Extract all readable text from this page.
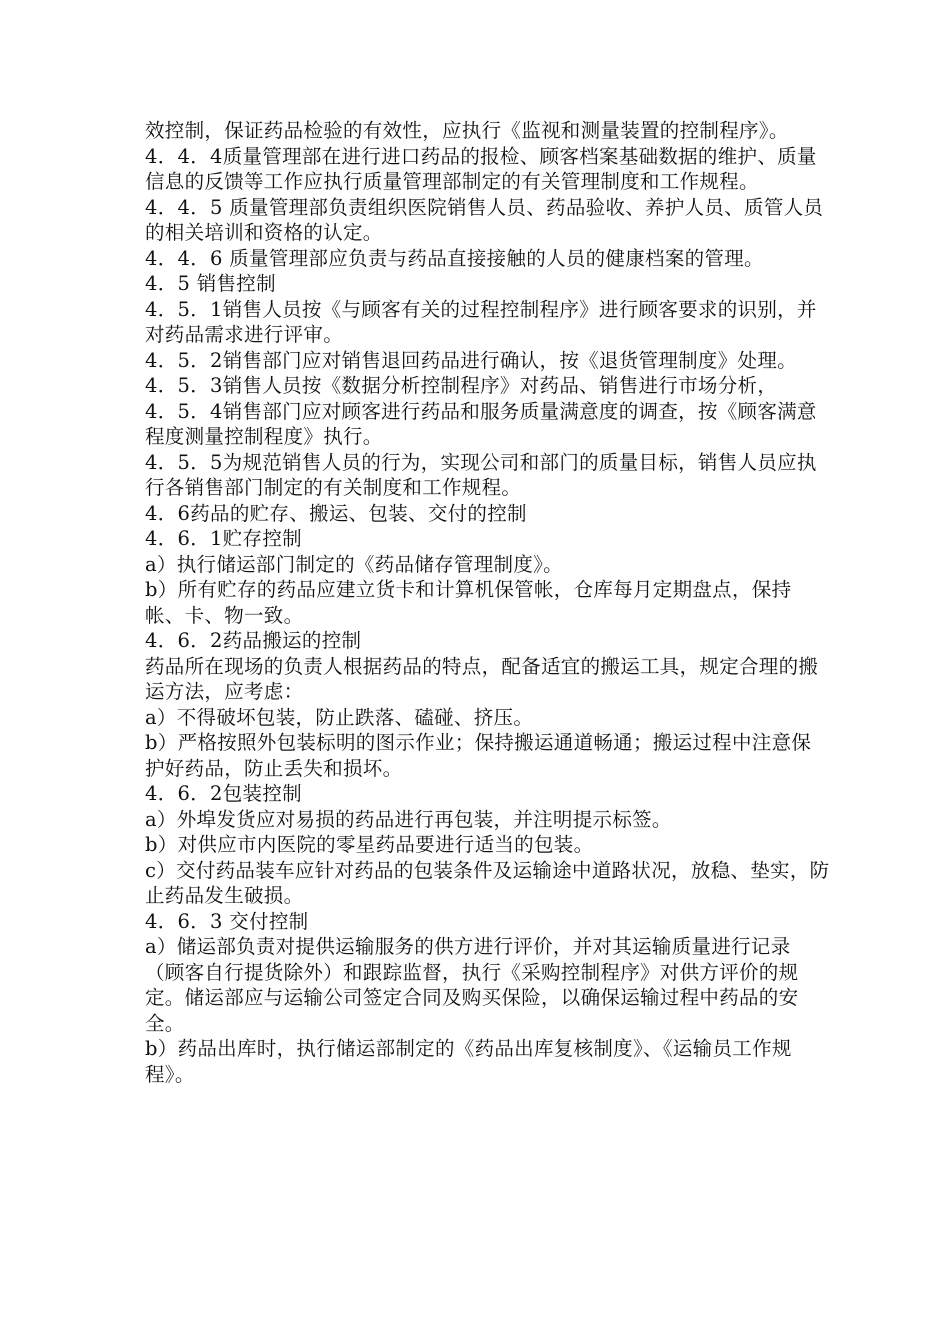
效控制，保证药品检验的有效性，应执行《监视和测量装置的控制程序》。

4．4．4质量管理部在进行进口药品的报检、顾客档案基础数据的维护、质量信息的反馈等工作应执行质量管理部制定的有关管理制度和工作规程。

4．4．5 质量管理部负责组织医院销售人员、药品验收、养护人员、质管人员的相关培训和资格的认定。

4．4．6 质量管理部应负责与药品直接接触的人员的健康档案的管理。

4．5 销售控制

4．5．1销售人员按《与顾客有关的过程控制程序》进行顾客要求的识别，并对药品需求进行评审。

4．5．2销售部门应对销售退回药品进行确认，按《退货管理制度》处理。

4．5．3销售人员按《数据分析控制程序》对药品、销售进行市场分析，

4．5．4销售部门应对顾客进行药品和服务质量满意度的调查，按《顾客满意程度测量控制程度》执行。

4．5．5为规范销售人员的行为，实现公司和部门的质量目标，销售人员应执行各销售部门制定的有关制度和工作规程。

4．6药品的贮存、搬运、包装、交付的控制

4．6．1贮存控制

a）执行储运部门制定的《药品储存管理制度》。

b）所有贮存的药品应建立货卡和计算机保管帐，仓库每月定期盘点，保持帐、卡、物一致。

4．6．2药品搬运的控制

药品所在现场的负责人根据药品的特点，配备适宜的搬运工具，规定合理的搬运方法，应考虑：

a）不得破坏包装，防止跌落、磕碰、挤压。

b）严格按照外包装标明的图示作业；保持搬运通道畅通；搬运过程中注意保护好药品，防止丢失和损坏。

4．6．2包装控制

a）外埠发货应对易损的药品进行再包装，并注明提示标签。

b）对供应市内医院的零星药品要进行适当的包装。

c）交付药品装车应针对药品的包装条件及运输途中道路状况，放稳、垫实，防止药品发生破损。

4．6．3 交付控制

a）储运部负责对提供运输服务的供方进行评价，并对其运输质量进行记录（顾客自行提货除外）和跟踪监督，执行《采购控制程序》对供方评价的规定。储运部应与运输公司签定合同及购买保险，以确保运输过程中药品的安全。

b）药品出库时，执行储运部制定的《药品出库复核制度》、《运输员工作规程》。
